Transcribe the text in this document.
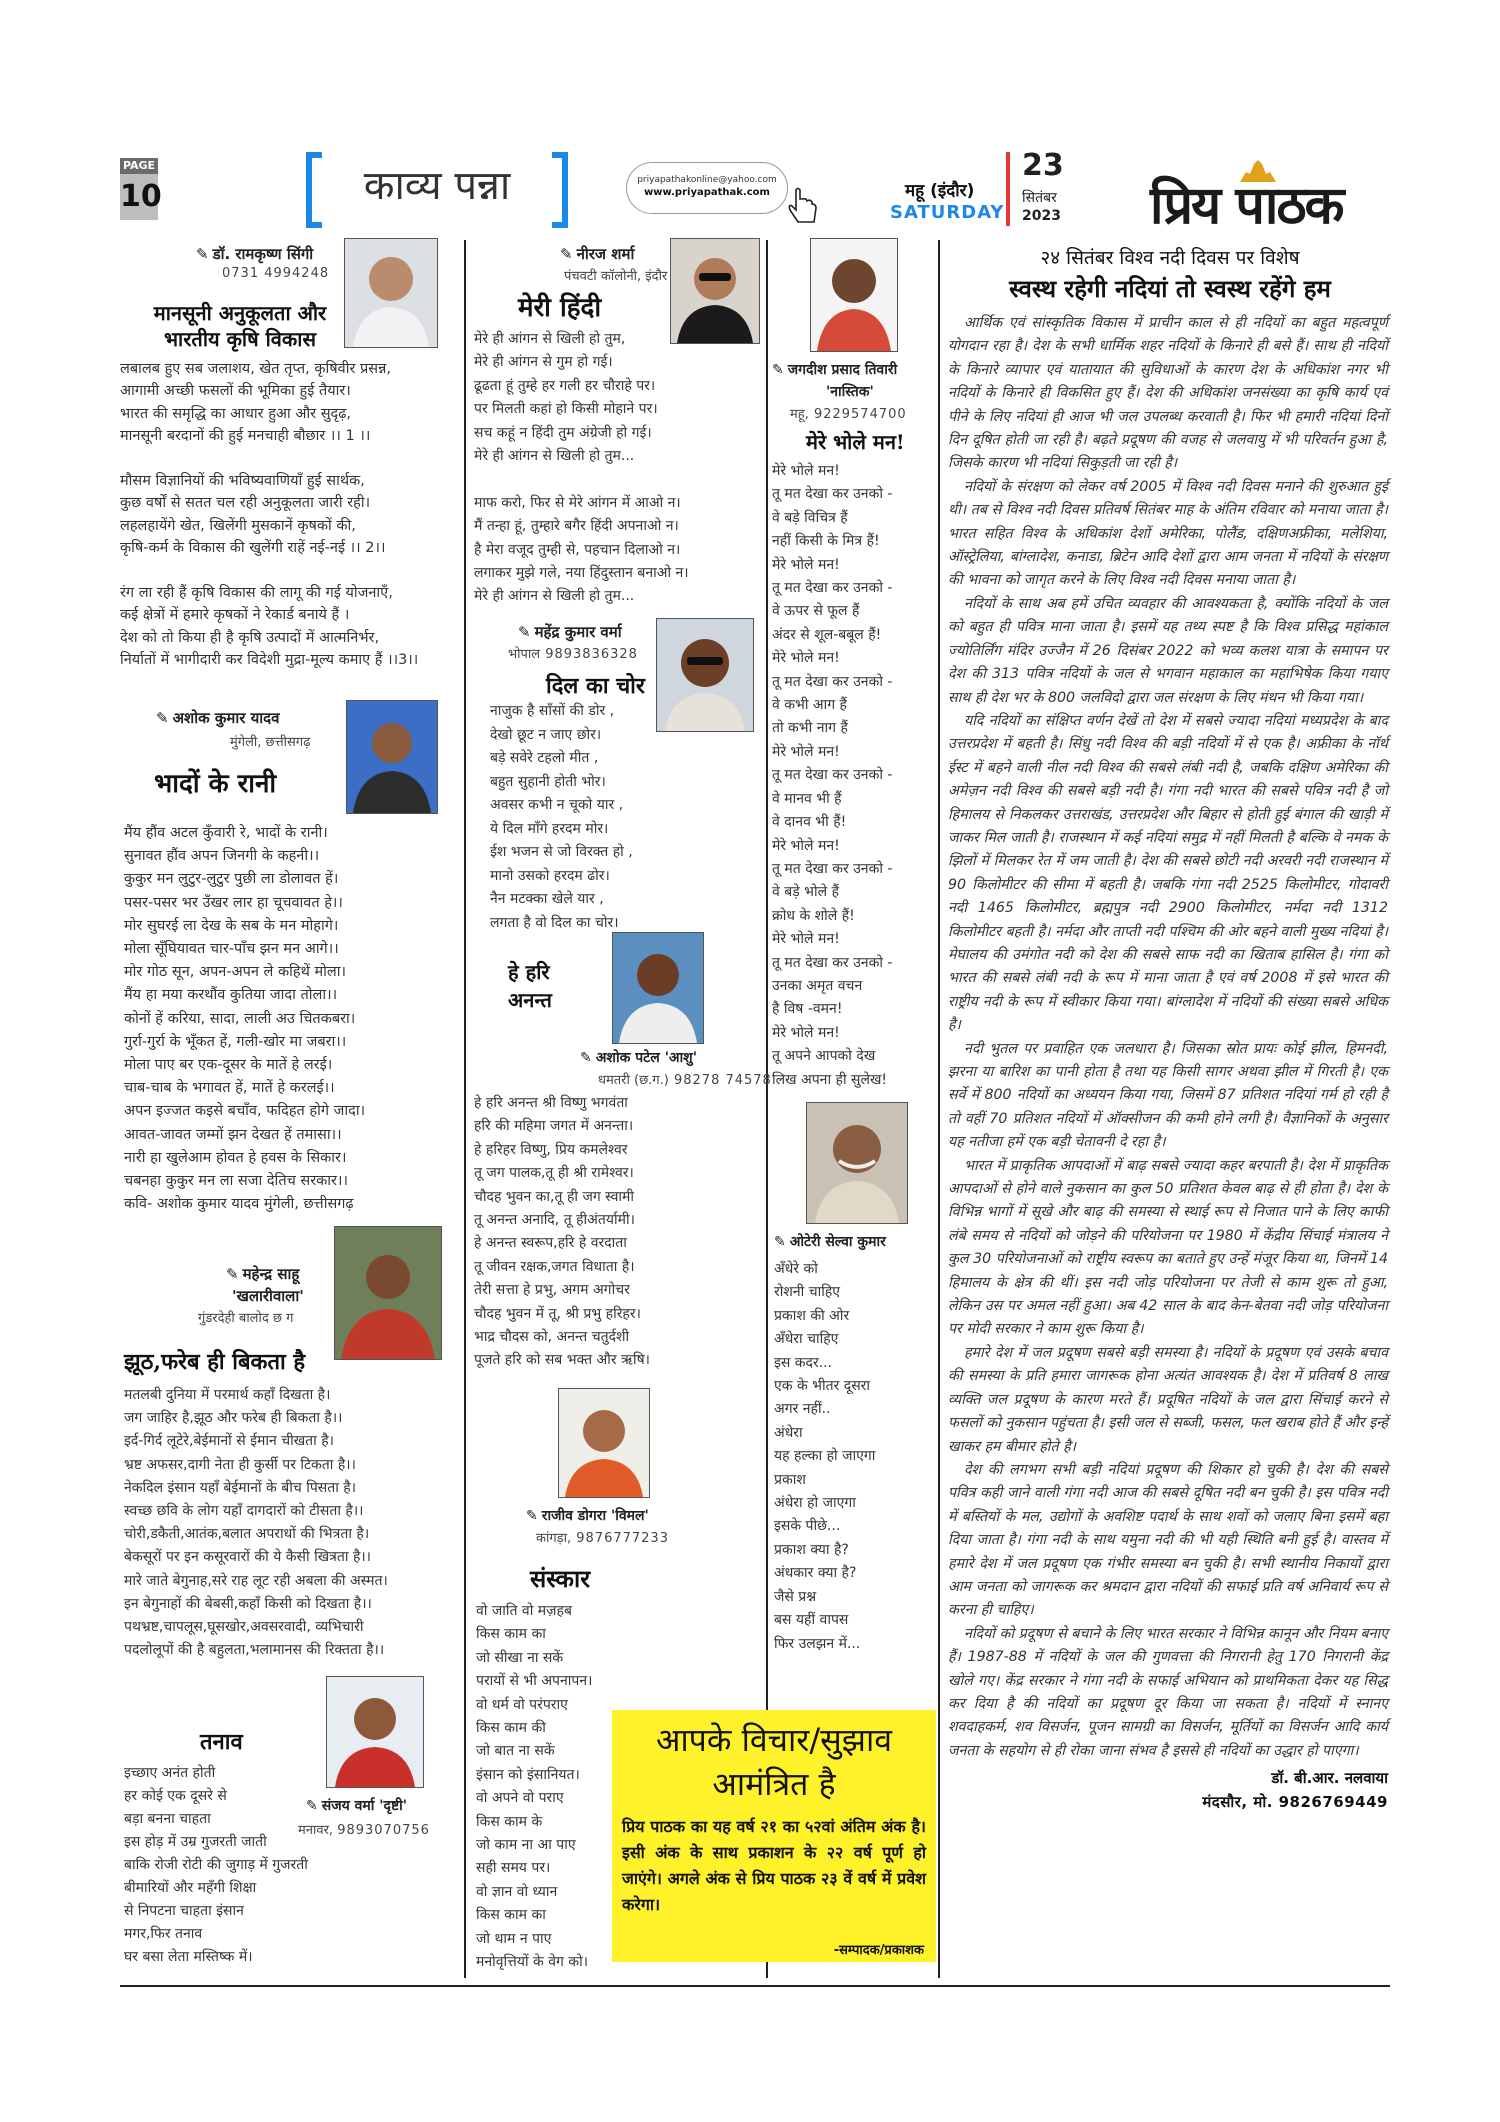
PAGE
10	काव्य पन्ना	priyapathakonline@yahoo.com
www.priyapathak.com	महू (इंदौर)
SATURDAY
23
सितंबर
2023 प्रिय पाठक
✎ डॉ. रामकृष्ण सिंगी
0731 4994248
मानसूनी अनुकूलता और
भारतीय कृषि विकास
लबालब हुए सब जलाशय, खेत तृप्त, कृषिवीर प्रसन्न,
आगामी अच्छी फसलों की भूमिका हुई तैयार।
भारत की समृद्धि का आधार हुआ और सुदृढ़,
मानसूनी बरदानों की हुई मनचाही बौछार ।। 1 ।।

मौसम विज्ञानियों की भविष्यवाणियाँ हुई सार्थक,
कुछ वर्षों से सतत चल रही अनुकूलता जारी रही।
लहलहायेंगे खेत, खिलेंगी मुसकानें कृषकों की,
कृषि-कर्म के विकास की खुलेंगी राहें नई-नई ।। 2।।

रंग ला रही हैं कृषि विकास की लागू की गई योजनाएँ,
कई क्षेत्रों में हमारे कृषकों ने रेकार्ड बनाये हैं ।
देश को तो किया ही है कृषि उत्पादों में आत्मनिर्भर,
निर्यातों में भागीदारी कर विदेशी मुद्रा-मूल्य कमाए हैं ।।3।।
✎ अशोक कुमार यादव
मुंगेली, छत्तीसगढ़
भादों के रानी
मैंय हौंव अटल कुँवारी रे, भादों के रानी।
सुनावत हौंव अपन जिनगी के कहनी।।
कुकुर मन लुटुर-लुटुर पुछी ला डोलावत हें।
पसर-पसर भर उँखर लार हा चूचवावत हे।।
मोर सुघरई ला देख के सब के मन मोहागे।
मोला सूँघियावत चार-पाँच झन मन आगे।।
मोर गोठ सून, अपन-अपन ले कहिथें मोला।
मैंय हा मया करथौंव कुतिया जादा तोला।।
कोनों हें करिया, सादा, लाली अउ चितकबरा।
गुर्रा-गुर्रा के भूँकत हें, गली-खोर मा जबरा।।
मोला पाए बर एक-दूसर के मातें हे लरई।
चाब-चाब के भगावत हें, मातें हे करलई।।
अपन इज्जत कइसे बचाँव, फदिहत होगे जादा।
आवत-जावत जम्मों झन देखत हें तमासा।।
नारी हा खुलेआम होवत हे हवस के सिकार।
चबनहा कुकुर मन ला सजा देतिच सरकार।।
कवि- अशोक कुमार यादव मुंगेली, छत्तीसगढ़
✎ महेन्द्र साहू
'खलारीवाला'
गुंडरदेही बालोद छ ग
झूठ,फरेब ही बिकता है
मतलबी दुनिया में परमार्थ कहाँ दिखता है।
जग जाहिर है,झूठ और फरेब ही बिकता है।।
इर्द-गिर्द लूटेरे,बेईमानों से ईमान चीखता है।
भ्रष्ट अफसर,दागी नेता ही कुर्सी पर टिकता है।।
नेकदिल इंसान यहाँ बेईमानों के बीच पिसता है।
स्वच्छ छवि के लोग यहाँ दागदारों को टीसता है।।
चोरी,डकैती,आतंक,बलात अपराधों की भित्रता है।
बेकसूरों पर इन कसूरवारों की ये कैसी खित्रता है।।
मारे जाते बेगुनाह,सरे राह लूट रही अबला की अस्मत।
इन बेगुनाहों की बेबसी,कहाँ किसी को दिखता है।।
पथभ्रष्ट,चापलूस,घूसखोर,अवसरवादी, व्यभिचारी
पदलोलूपों की है बहुलता,भलामानस की रिक्तता है।।
तनाव
✎ संजय वर्मा 'दृष्टी'
मनावर, 9893070756
इच्छाए अनंत होती
हर कोई एक दूसरे से
बड़ा बनना चाहता
इस होड़ में उम्र गुजरती जाती
बाकि रोजी रोटी की जुगाड़ में गुजरती
बीमारियों और महँगी शिक्षा
से निपटना चाहता इंसान
मगर,फिर तनाव
घर बसा लेता मस्तिष्क में।
✎ नीरज शर्मा
पंचवटी कॉलोनी, इंदौर
मेरी हिंदी
मेरे ही आंगन से खिली हो तुम,
मेरे ही आंगन से गुम हो गई।
ढूढता हूं तुम्हे हर गली हर चौराहे पर।
पर मिलती कहां हो किसी मोहाने पर।
सच कहूं न हिंदी तुम अंग्रेजी हो गई।
मेरे ही आंगन से खिली हो तुम...

माफ करो, फिर से मेरे आंगन में आओ न।
मैं तन्हा हूं, तुम्हारे बगैर हिंदी अपनाओ न।
है मेरा वजूद तुम्ही से, पहचान दिलाओ न।
लगाकर मुझे गले, नया हिंदुस्तान बनाओ न।
मेरे ही आंगन से खिली हो तुम...
✎ महेंद्र कुमार वर्मा
भोपाल 9893836328
दिल का चोर
नाजुक है साँसों की डोर ,
देखो छूट न जाए छोर।
बड़े सवेरे टहलो मीत ,
बहुत सुहानी होती भोर।
अवसर कभी न चूको यार ,
ये दिल माँगे हरदम मोर।
ईश भजन से जो विरक्त हो ,
मानो उसको हरदम ढोर।
नैन मटक्का खेले यार ,
लगता है वो दिल का चोर।
हे हरि
अनन्त
✎ अशोक पटेल 'आशु'
धमतरी (छ.ग.) 98278 74578
हे हरि अनन्त श्री विष्णु भगवंता
हरि की महिमा जगत में अनन्ता।
हे हरिहर विष्णु, प्रिय कमलेश्वर
तू जग पालक,तू ही श्री रामेश्वर।
चौदह भुवन का,तू ही जग स्वामी
तू अनन्त अनादि, तू हीअंतर्यामी।
हे अनन्त स्वरूप,हरि हे वरदाता
तू जीवन रक्षक,जगत विधाता है।
तेरी सत्ता हे प्रभु, अगम अगोचर
चौदह भुवन में तू, श्री प्रभु हरिहर।
भाद्र चौदस को, अनन्त चतुर्दशी
पूजते हरि को सब भक्त और ऋषि।
✎ राजीव डोगरा 'विमल'
कांगड़ा, 9876777233
संस्कार
वो जाति वो मज़हब
किस काम का
जो सीखा ना सकें
परायों से भी अपनापन।
वो धर्म वो परंपराए
किस काम की
जो बात ना सकें
इंसान को इंसानियत।
वो अपने वो पराए
किस काम के
जो काम ना आ पाए
सही समय पर।
वो ज्ञान वो ध्यान
किस काम का
जो थाम न पाए
मनोवृत्तियों के वेग को।
आपके विचार/सुझाव
आमंत्रित है
प्रिय पाठक का यह वर्ष २१ का ५२वां अंतिम अंक है।इसी अंक के साथ प्रकाशन के २२ वर्ष पूर्ण हो जाएंगे। अगले अंक से प्रिय पाठक २३ वें वर्ष में प्रवेश करेगा।
-सम्पादक/प्रकाशक
✎ जगदीश प्रसाद तिवारी
'नास्तिक'
महू, 9229574700
मेरे भोले मन!
मेरे भोले मन!
तू मत देखा कर उनको -
वे बड़े विचित्र हैं
नहीं किसी के मित्र हैं!
मेरे भोले मन!
तू मत देखा कर उनको -
वे ऊपर से फूल हैं
अंदर से शूल-बबूल हैं!
मेरे भोले मन!
तू मत देखा कर उनको -
वे कभी आग हैं
तो कभी नाग हैं
मेरे भोले मन!
तू मत देखा कर उनको -
वे मानव भी हैं
वे दानव भी हैं!
मेरे भोले मन!
तू मत देखा कर उनको -
वे बड़े भोले हैं
क्रोध के शोले हैं!
मेरे भोले मन!
तू मत देखा कर उनको -
उनका अमृत वचन
है विष -वमन!
मेरे भोले मन!
तू अपने आपको देख
लिख अपना ही सुलेख!
✎ ओटेरी सेल्वा कुमार
अँधेरे को
रोशनी चाहिए
प्रकाश की ओर
अँधेरा चाहिए
इस कदर...
एक के भीतर दूसरा
अगर नहीं..
अंधेरा
यह हल्का हो जाएगा
प्रकाश
अंधेरा हो जाएगा
इसके पीछे...
प्रकाश क्या है?
अंधकार क्या है?
जैसे प्रश्न
बस यहीं वापस
फिर उलझन में...
२४ सितंबर विश्व नदी दिवस पर विशेष
स्वस्थ रहेगी नदियां तो स्वस्थ रहेंगे हम

आर्थिक एवं सांस्कृतिक विकास में प्राचीन काल से ही नदियों का बहुत महत्वपूर्ण योगदान रहा है। देश के सभी धार्मिक शहर नदियों के किनारे ही बसे हैं। साथ ही नदियों के किनारे व्यापार एवं यातायात की सुविधाओं के कारण देश के अधिकांश नगर भी नदियों के किनारे ही विकसित हुए हैं। देश की अधिकांश जनसंख्या का कृषि कार्य एवं पीने के लिए नदियां ही आज भी जल उपलब्ध करवाती है। फिर भी हमारी नदियां दिनों दिन दूषित होती जा रही है। बढ़ते प्रदूषण की वजह से जलवायु में भी परिवर्तन हुआ है, जिसके कारण भी नदियां सिकुड़ती जा रही है।

नदियों के संरक्षण को लेकर वर्ष 2005 में विश्व नदी दिवस मनाने की शुरुआत हुई थी। तब से विश्व नदी दिवस प्रतिवर्ष सितंबर माह के अंतिम रविवार को मनाया जाता है। भारत सहित विश्व के अधिकांश देशों अमेरिका, पोलैंड, दक्षिणअफ्रीका, मलेशिया, ऑस्ट्रेलिया, बांग्लादेश, कनाडा, ब्रिटेन आदि देशों द्वारा आम जनता में नदियों के संरक्षण की भावना को जागृत करने के लिए विश्व नदी दिवस मनाया जाता है।

नदियों के साथ अब हमें उचित व्यवहार की आवश्यकता है, क्योंकि नदियों के जल को बहुत ही पवित्र माना जाता है। इसमें यह तथ्य स्पष्ट है कि विश्व प्रसिद्ध महांकाल ज्योतिर्लिंग मंदिर उज्जैन में 26 दिसंबर 2022 को भव्य कलश यात्रा के समापन पर देश की 313 पवित्र नदियों के जल से भगवान महाकाल का महाभिषेक किया गयाए साथ ही देश भर के 800 जलविदो द्वारा जल संरक्षण के लिए मंथन भी किया गया।

यदि नदियों का संक्षिप्त वर्णन देखें तो देश में सबसे ज्यादा नदियां मध्यप्रदेश के बाद उत्तरप्रदेश में बहती है। सिंधु नदी विश्व की बड़ी नदियों में से एक है। अफ्रीका के नॉर्थ ईस्ट में बहने वाली नील नदी विश्व की सबसे लंबी नदी है, जबकि दक्षिण अमेरिका की अमेज़न नदी विश्व की सबसे बड़ी नदी है। गंगा नदी भारत की सबसे पवित्र नदी है जो हिमालय से निकलकर उत्तराखंड, उत्तरप्रदेश और बिहार से होती हुई बंगाल की खाड़ी में जाकर मिल जाती है। राजस्थान में कई नदियां समुद्र में नहीं मिलती है बल्कि वे नमक के झिलों में मिलकर रेत में जम जाती है। देश की सबसे छोटी नदी अरवरी नदी राजस्थान में 90 किलोमीटर की सीमा में बहती है। जबकि गंगा नदी 2525 किलोमीटर, गोदावरी नदी 1465 किलोमीटर, ब्रह्मपुत्र नदी 2900 किलोमीटर, नर्मदा नदी 1312 किलोमीटर बहती है। नर्मदा और ताप्ती नदी पश्चिम की ओर बहने वाली मुख्य नदियां है। मेघालय की उमंगोत नदी को देश की सबसे साफ नदी का खिताब हासिल है। गंगा को भारत की सबसे लंबी नदी के रूप में माना जाता है एवं वर्ष 2008 में इसे भारत की राष्ट्रीय नदी के रूप में स्वीकार किया गया। बांग्लादेश में नदियों की संख्या सबसे अधिक है।

नदी भुतल पर प्रवाहित एक जलधारा है। जिसका स्रोत प्रायः कोई झील, हिमनदी, झरना या बारिश का पानी होता है तथा यह किसी सागर अथवा झील में गिरती है। एक सर्वे में 800 नदियों का अध्ययन किया गया, जिसमें 87 प्रतिशत नदियां गर्म हो रही है तो वहीं 70 प्रतिशत नदियों में ऑक्सीजन की कमी होने लगी है। वैज्ञानिकों के अनुसार यह नतीजा हमें एक बड़ी चेतावनी दे रहा है।

भारत में प्राकृतिक आपदाओं में बाढ़ सबसे ज्यादा कहर बरपाती है। देश में प्राकृतिक आपदाओं से होने वाले नुकसान का कुल 50 प्रतिशत केवल बाढ़ से ही होता है। देश के विभिन्न भागों में सूखे और बाढ़ की समस्या से स्थाई रूप से निजात पाने के लिए काफी लंबे समय से नदियों को जोड़ने की परियोजना पर 1980 में केंद्रीय सिंचाई मंत्रालय ने कुल 30 परियोजनाओं को राष्ट्रीय स्वरूप का बताते हुए उन्हें मंजूर किया था, जिनमें 14 हिमालय के क्षेत्र की थीं। इस नदी जोड़ परियोजना पर तेजी से काम शुरू तो हुआ, लेकिन उस पर अमल नहीं हुआ। अब 42 साल के बाद केन-बेतवा नदी जोड़ परियोजना पर मोदी सरकार ने काम शुरू किया है।

हमारे देश में जल प्रदूषण सबसे बड़ी समस्या है। नदियों के प्रदूषण एवं उसके बचाव की समस्या के प्रति हमारा जागरूक होना अत्यंत आवश्यक है। देश में प्रतिवर्ष 8 लाख व्यक्ति जल प्रदूषण के कारण मरते हैं। प्रदूषित नदियों के जल द्वारा सिंचाई करने से फसलों को नुकसान पहुंचता है। इसी जल से सब्जी, फसल, फल खराब होते हैं और इन्हें खाकर हम बीमार होते है।

देश की लगभग सभी बड़ी नदियां प्रदूषण की शिकार हो चुकी है। देश की सबसे पवित्र कही जाने वाली गंगा नदी आज की सबसे दूषित नदी बन चुकी है। इस पवित्र नदी में बस्तियों के मल, उद्योगों के अवशिष्ट पदार्थ के साथ शवों को जलाए बिना इसमें बहा दिया जाता है। गंगा नदी के साथ यमुना नदी की भी यही स्थिति बनी हुई है। वास्तव में हमारे देश में जल प्रदूषण एक गंभीर समस्या बन चुकी है। सभी स्थानीय निकायों द्वारा आम जनता को जागरूक कर श्रमदान द्वारा नदियों की सफाई प्रति वर्ष अनिवार्य रूप से करना ही चाहिए।

नदियों को प्रदूषण से बचाने के लिए भारत सरकार ने विभिन्न कानून और नियम बनाए हैं। 1987-88 में नदियों के जल की गुणवत्ता की निगरानी हेतु 170 निगरानी केंद्र खोले गए। केंद्र सरकार ने गंगा नदी के सफाई अभियान को प्राथमिकता देकर यह सिद्ध कर दिया है की नदियों का प्रदूषण दूर किया जा सकता है। नदियों में स्नानए शवदाहकर्म, शव विसर्जन, पूजन सामग्री का विसर्जन, मूर्तियों का विसर्जन आदि कार्य जनता के सहयोग से ही रोका जाना संभव है इससे ही नदियों का उद्धार हो पाएगा।

डॉ. बी.आर. नलवाया
मंदसौर, मो. 9826769449
